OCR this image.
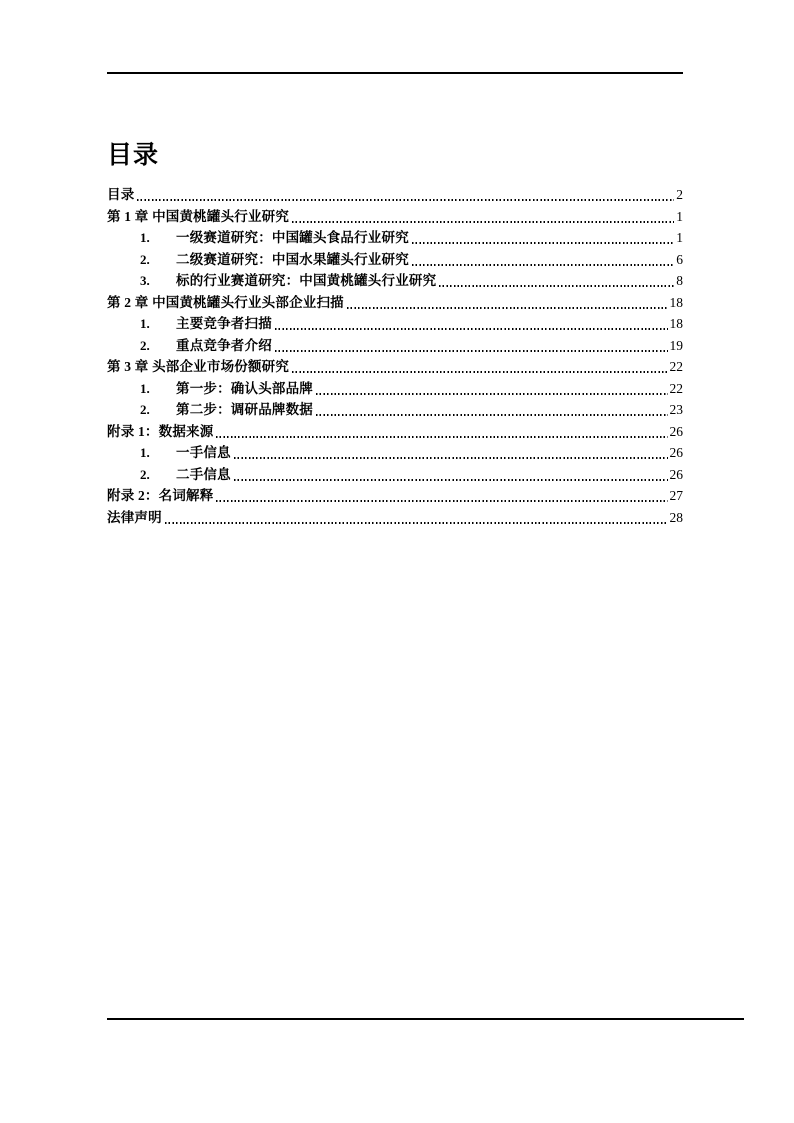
目录
目录	2
第 1 章 中国黄桃罐头行业研究	1
1.	一级赛道研究：中国罐头食品行业研究	1
2.	二级赛道研究：中国水果罐头行业研究	6
3.	标的行业赛道研究：中国黄桃罐头行业研究	8
第 2 章 中国黄桃罐头行业头部企业扫描	18
1.	主要竞争者扫描	18
2.	重点竞争者介绍	19
第 3 章 头部企业市场份额研究	22
1.	第一步：确认头部品牌	22
2.	第二步：调研品牌数据	23
附录 1：数据来源	26
1.	一手信息	26
2.	二手信息	26
附录 2：名词解释	27
法律声明	28
